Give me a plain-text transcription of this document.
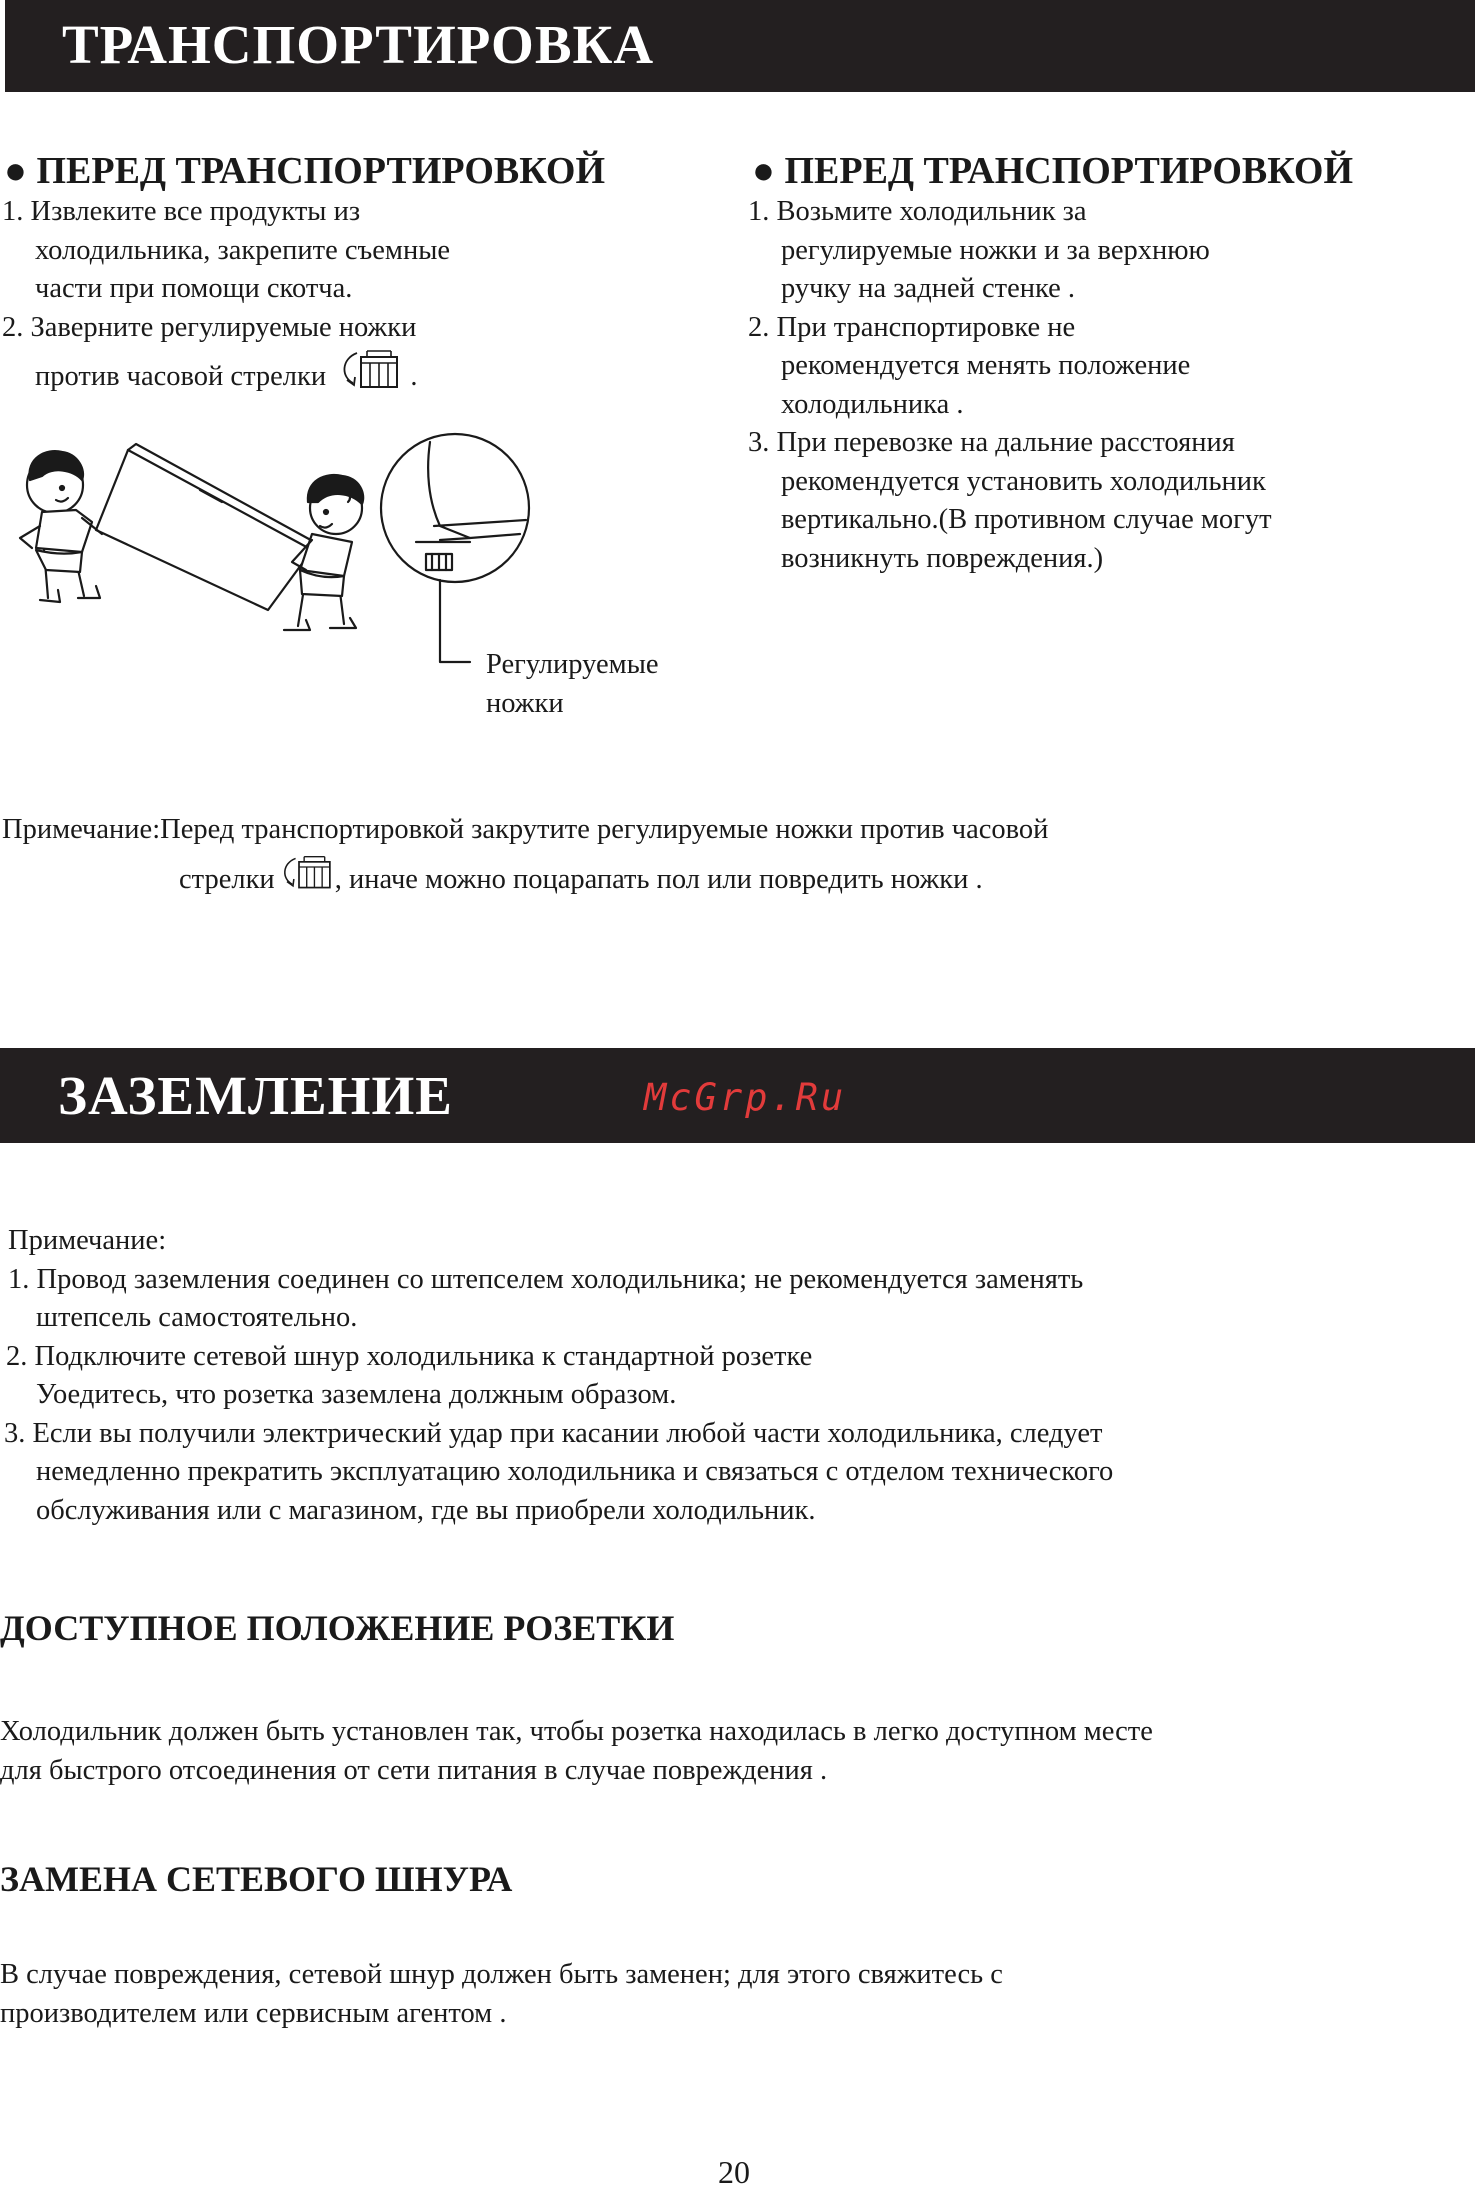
ТРАНСПОРТИРОВКА
● ПЕРЕД ТРАНСПОРТИРОВКОЙ
1. Извлеките все продукты из
холодильника, закрепите съемные
части при помощи скотча.
2. Заверните регулируемые ножки
против часовой стрелки	.
● ПЕРЕД ТРАНСПОРТИРОВКОЙ
1. Возьмите холодильник за
регулируемые ножки и за верхнюю
ручку на задней стенке .
2. При транспортировке не
рекомендуется менять положение
холодильника .
3. При перевозке на дальние расстояния
рекомендуется установить холодильник
вертикально.(В противном случае могут
возникнуть повреждения.)
Регулируемые
ножки
Примечание:Перед транспортировкой закрутите регулируемые ножки против часовой
стрелки , иначе можно поцарапать пол или повредить ножки .
ЗАЗЕМЛЕНИЕ	McGrp.Ru
Примечание:
1. Провод заземления соединен со штепселем холодильника; не рекомендуется заменять
штепсель самостоятельно.
2. Подключите сетевой шнур холодильника к стандартной розетке
Уоедитесь, что розетка заземлена должным образом.
3. Если вы получили электрический удар при касании любой части холодильника, следует
немедленно прекратить эксплуатацию холодильника и связаться с отделом технического
обслуживания или с магазином, где вы приобрели холодильник.
ДОСТУПНОЕ ПОЛОЖЕНИЕ РОЗЕТКИ
Холодильник должен быть установлен так, чтобы розетка находилась в легко доступном месте
для быстрого отсоединения от сети питания в случае повреждения .
ЗАМЕНА СЕТЕВОГО ШНУРА
В случае повреждения, сетевой шнур должен быть заменен; для этого свяжитесь с
производителем или сервисным агентом .
20
